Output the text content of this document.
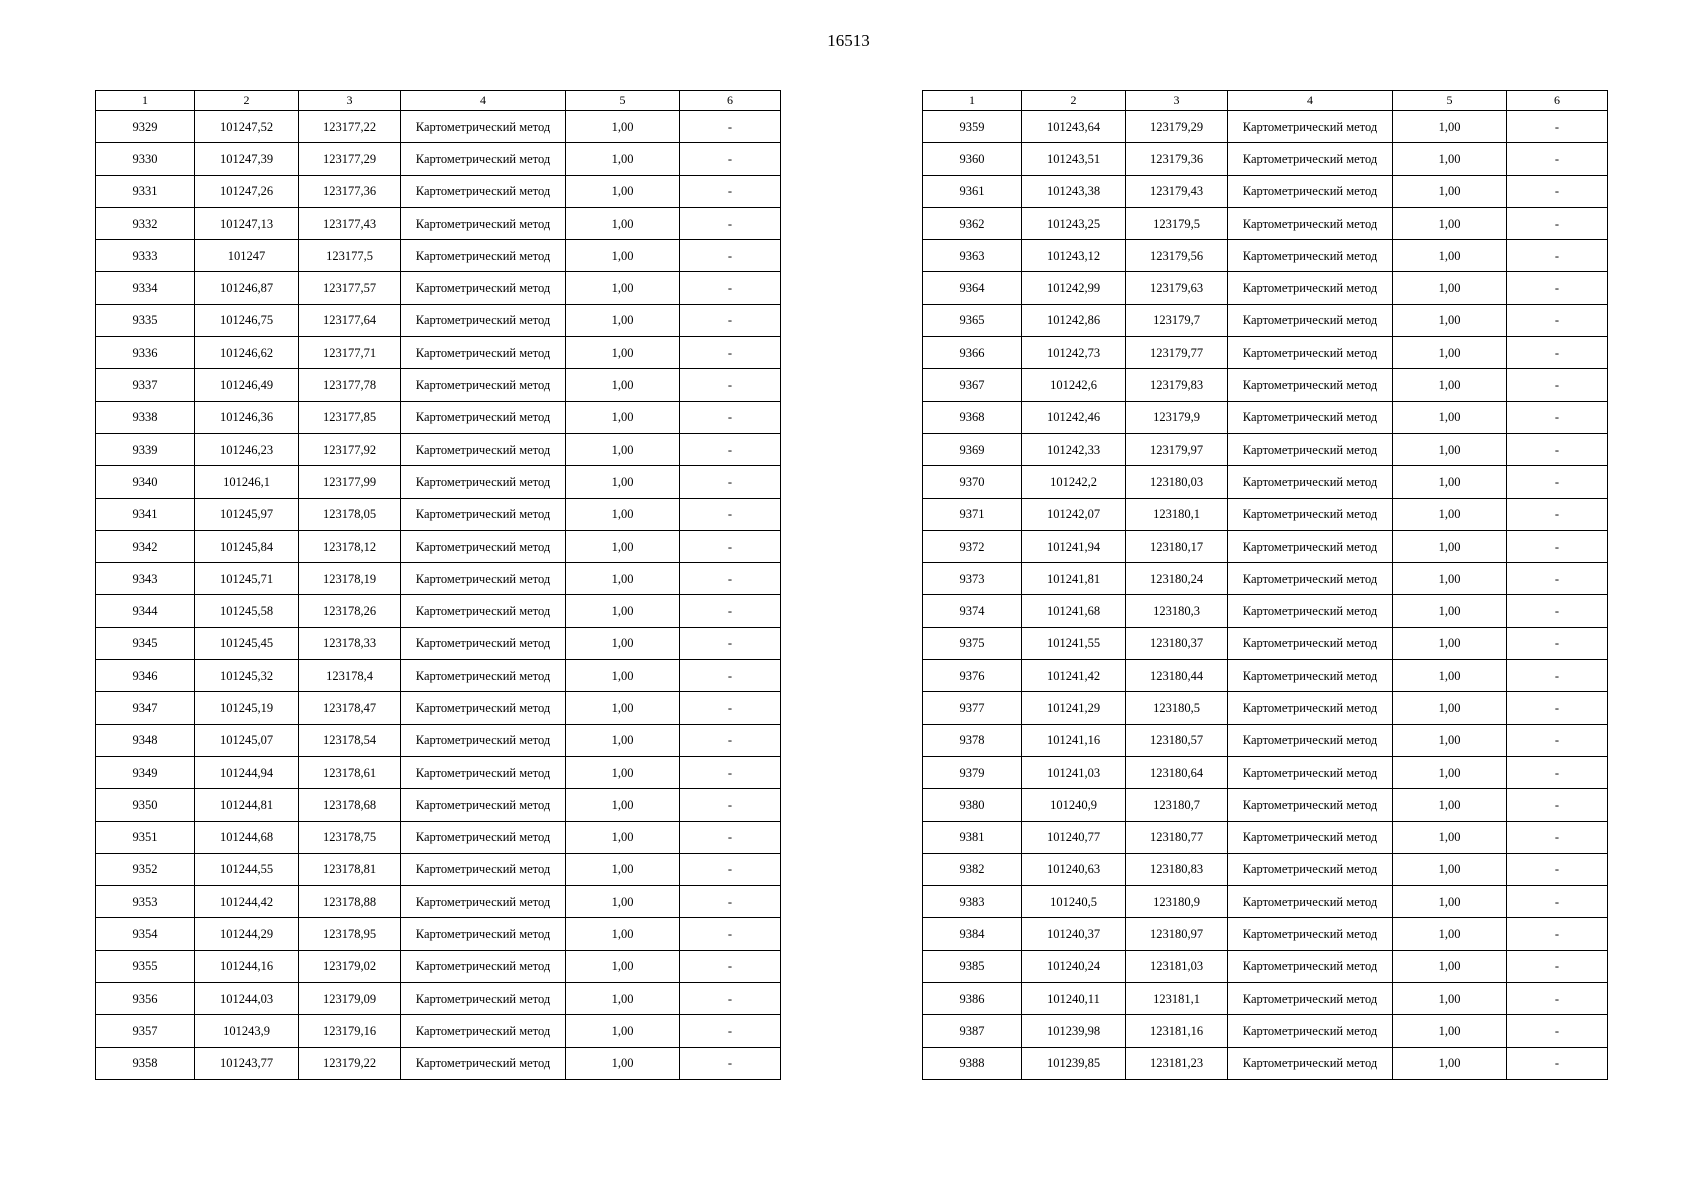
16513
1	2	3	4	5	6
9329	101247,52	123177,22	Картометрический метод	1,00	-
9330	101247,39	123177,29	Картометрический метод	1,00	-
9331	101247,26	123177,36	Картометрический метод	1,00	-
9332	101247,13	123177,43	Картометрический метод	1,00	-
9333	101247	123177,5	Картометрический метод	1,00	-
9334	101246,87	123177,57	Картометрический метод	1,00	-
9335	101246,75	123177,64	Картометрический метод	1,00	-
9336	101246,62	123177,71	Картометрический метод	1,00	-
9337	101246,49	123177,78	Картометрический метод	1,00	-
9338	101246,36	123177,85	Картометрический метод	1,00	-
9339	101246,23	123177,92	Картометрический метод	1,00	-
9340	101246,1	123177,99	Картометрический метод	1,00	-
9341	101245,97	123178,05	Картометрический метод	1,00	-
9342	101245,84	123178,12	Картометрический метод	1,00	-
9343	101245,71	123178,19	Картометрический метод	1,00	-
9344	101245,58	123178,26	Картометрический метод	1,00	-
9345	101245,45	123178,33	Картометрический метод	1,00	-
9346	101245,32	123178,4	Картометрический метод	1,00	-
9347	101245,19	123178,47	Картометрический метод	1,00	-
9348	101245,07	123178,54	Картометрический метод	1,00	-
9349	101244,94	123178,61	Картометрический метод	1,00	-
9350	101244,81	123178,68	Картометрический метод	1,00	-
9351	101244,68	123178,75	Картометрический метод	1,00	-
9352	101244,55	123178,81	Картометрический метод	1,00	-
9353	101244,42	123178,88	Картометрический метод	1,00	-
9354	101244,29	123178,95	Картометрический метод	1,00	-
9355	101244,16	123179,02	Картометрический метод	1,00	-
9356	101244,03	123179,09	Картометрический метод	1,00	-
9357	101243,9	123179,16	Картометрический метод	1,00	-
9358	101243,77	123179,22	Картометрический метод	1,00	-
1	2	3	4	5	6
9359	101243,64	123179,29	Картометрический метод	1,00	-
9360	101243,51	123179,36	Картометрический метод	1,00	-
9361	101243,38	123179,43	Картометрический метод	1,00	-
9362	101243,25	123179,5	Картометрический метод	1,00	-
9363	101243,12	123179,56	Картометрический метод	1,00	-
9364	101242,99	123179,63	Картометрический метод	1,00	-
9365	101242,86	123179,7	Картометрический метод	1,00	-
9366	101242,73	123179,77	Картометрический метод	1,00	-
9367	101242,6	123179,83	Картометрический метод	1,00	-
9368	101242,46	123179,9	Картометрический метод	1,00	-
9369	101242,33	123179,97	Картометрический метод	1,00	-
9370	101242,2	123180,03	Картометрический метод	1,00	-
9371	101242,07	123180,1	Картометрический метод	1,00	-
9372	101241,94	123180,17	Картометрический метод	1,00	-
9373	101241,81	123180,24	Картометрический метод	1,00	-
9374	101241,68	123180,3	Картометрический метод	1,00	-
9375	101241,55	123180,37	Картометрический метод	1,00	-
9376	101241,42	123180,44	Картометрический метод	1,00	-
9377	101241,29	123180,5	Картометрический метод	1,00	-
9378	101241,16	123180,57	Картометрический метод	1,00	-
9379	101241,03	123180,64	Картометрический метод	1,00	-
9380	101240,9	123180,7	Картометрический метод	1,00	-
9381	101240,77	123180,77	Картометрический метод	1,00	-
9382	101240,63	123180,83	Картометрический метод	1,00	-
9383	101240,5	123180,9	Картометрический метод	1,00	-
9384	101240,37	123180,97	Картометрический метод	1,00	-
9385	101240,24	123181,03	Картометрический метод	1,00	-
9386	101240,11	123181,1	Картометрический метод	1,00	-
9387	101239,98	123181,16	Картометрический метод	1,00	-
9388	101239,85	123181,23	Картометрический метод	1,00	-
